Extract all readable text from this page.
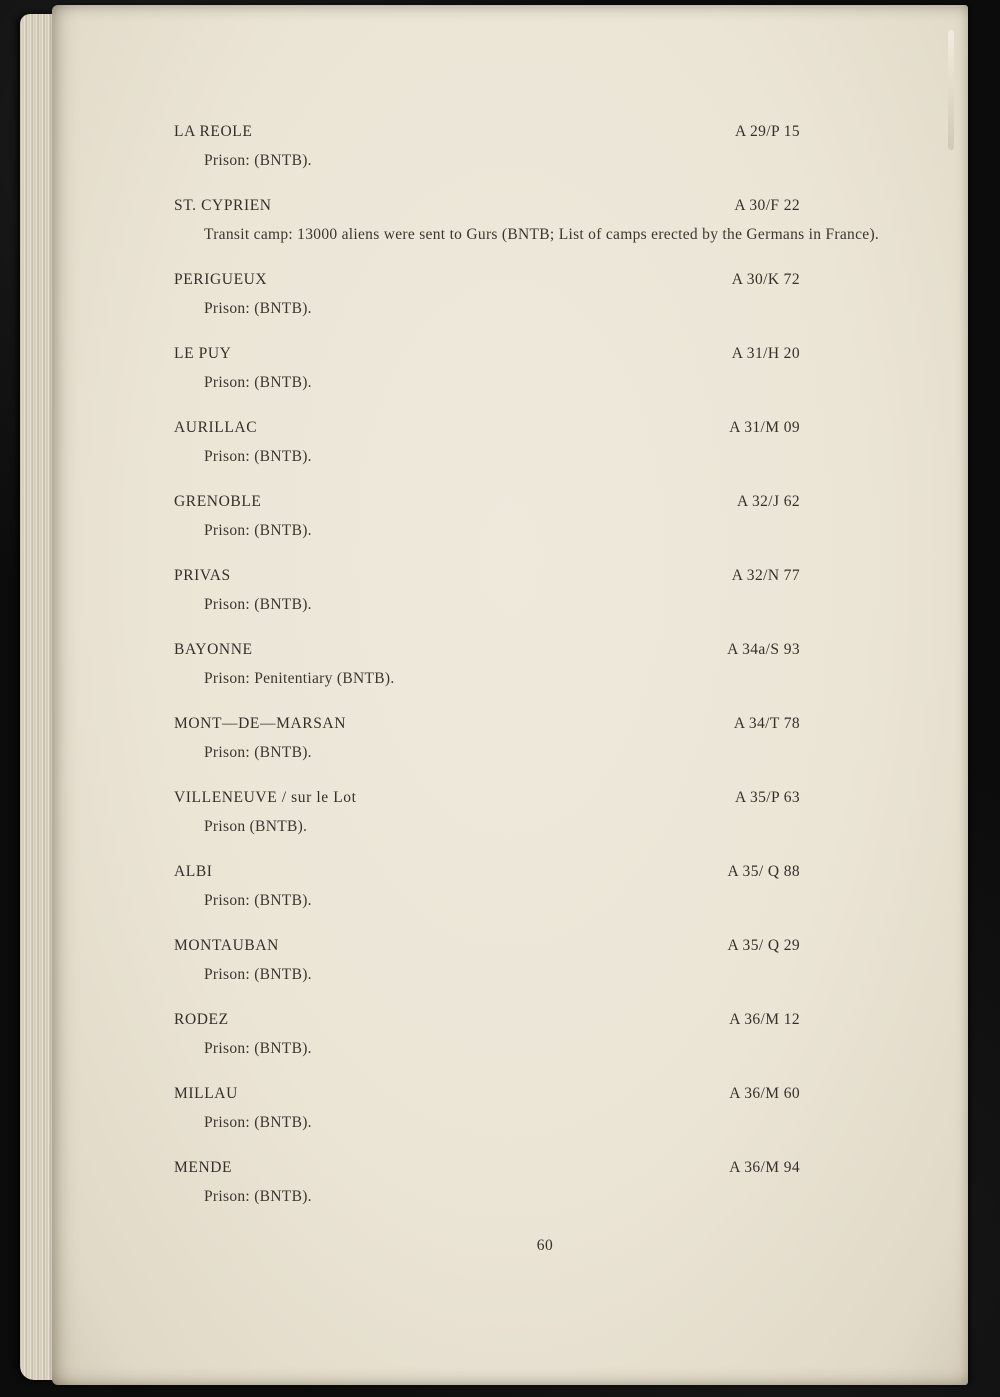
LA REOLE	A 29/P 15
Prison: (BNTB).
ST. CYPRIEN	A 30/F 22
Transit camp: 13000 aliens were sent to Gurs (BNTB; List of camps erected by the Germans in France).
PERIGUEUX	A 30/K 72
Prison: (BNTB).
LE PUY	A 31/H 20
Prison: (BNTB).
AURILLAC	A 31/M 09
Prison: (BNTB).
GRENOBLE	A 32/J 62
Prison: (BNTB).
PRIVAS	A 32/N 77
Prison: (BNTB).
BAYONNE	A 34a/S 93
Prison: Penitentiary (BNTB).
MONT—DE—MARSAN	A 34/T 78
Prison: (BNTB).
VILLENEUVE / sur le Lot	A 35/P 63
Prison (BNTB).
ALBI	A 35/ Q 88
Prison: (BNTB).
MONTAUBAN	A 35/ Q 29
Prison: (BNTB).
RODEZ	A 36/M 12
Prison: (BNTB).
MILLAU	A 36/M 60
Prison: (BNTB).
MENDE	A 36/M 94
Prison: (BNTB).
60
